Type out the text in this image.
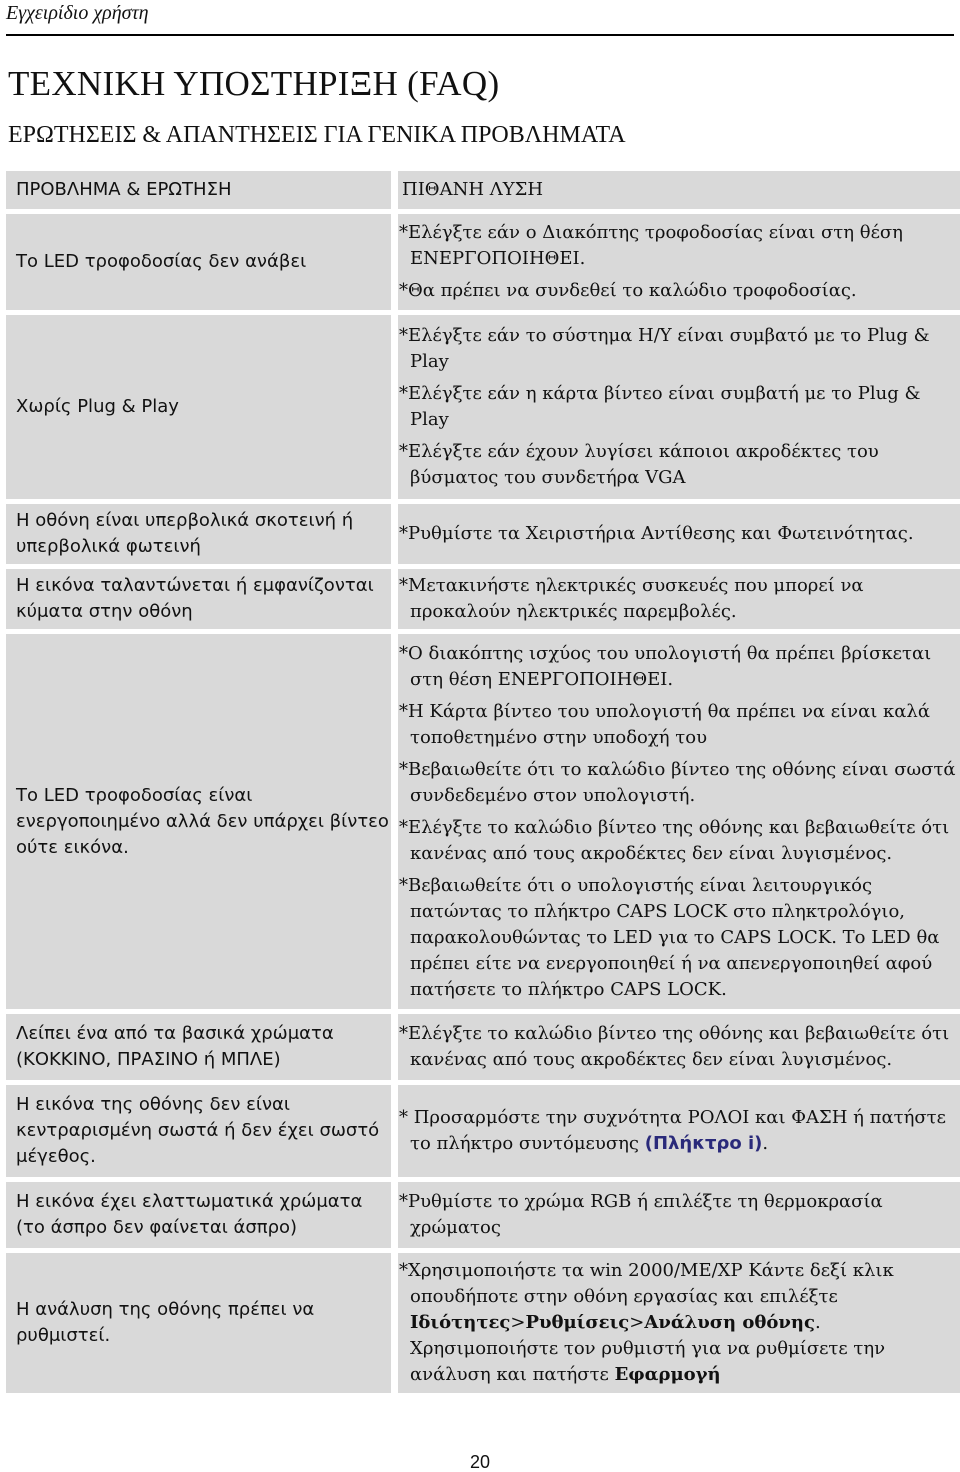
Εγχειρίδιο χρήστη
ΤΕΧΝΙΚΗ ΥΠΟΣΤΗΡΙΞΗ (FAQ)
ΕΡΩΤΗΣΕΙΣ & ΑΠΑΝΤΗΣΕΙΣ ΓΙΑ ΓΕΝΙΚΑ ΠΡΟΒΛΗΜΑΤΑ
ΠΡΟΒΛΗΜΑ & ΕΡΩΤΗΣΗ	ΠΙΘΑΝΗ ΛΥΣΗ
Το LED τροφοδοσίας δεν ανάβει	*Ελέγξτε εάν ο Διακόπτης τροφοδοσίας είναι στη θέση ΕΝΕΡΓΟΠΟΙΗΘΕΙ.
*Θα πρέπει να συνδεθεί το καλώδιο τροφοδοσίας.

Χωρίς Plug & Play	*Ελέγξτε εάν το σύστημα Η/Υ είναι συμβατό με το Plug & Play
*Ελέγξτε εάν η κάρτα βίντεο είναι συμβατή με το Plug & Play
*Ελέγξτε εάν έχουν λυγίσει κάποιοι ακροδέκτες του βύσματος του συνδετήρα VGA

Η οθόνη είναι υπερβολικά σκοτεινή ή υπερβολικά φωτεινή	*Ρυθμίστε τα Χειριστήρια Αντίθεσης και Φωτεινότητας.

Η εικόνα ταλαντώνεται ή εμφανίζονται κύματα στην οθόνη	*Μετακινήστε ηλεκτρικές συσκευές που μπορεί να προκαλούν ηλεκτρικές παρεμβολές.

Το LED τροφοδοσίας είναι ενεργοποιημένο αλλά δεν υπάρχει βίντεο ούτε εικόνα.	*Ο διακόπτης ισχύος του υπολογιστή θα πρέπει βρίσκεται στη θέση ΕΝΕΡΓΟΠΟΙΗΘΕΙ.
*Η Κάρτα βίντεο του υπολογιστή θα πρέπει να είναι καλά τοποθετημένο στην υποδοχή του
*Βεβαιωθείτε ότι το καλώδιο βίντεο της οθόνης είναι σωστά συνδεδεμένο στον υπολογιστή.
*Ελέγξτε το καλώδιο βίντεο της οθόνης και βεβαιωθείτε ότι κανένας από τους ακροδέκτες δεν είναι λυγισμένος.
*Βεβαιωθείτε ότι ο υπολογιστής είναι λειτουργικός πατώντας το πλήκτρο CAPS LOCK στο πληκτρολόγιο, παρακολουθώντας το LED για το CAPS LOCK. Το LED θα πρέπει είτε να ενεργοποιηθεί ή να απενεργοποιηθεί αφού πατήσετε το πλήκτρο CAPS LOCK.

Λείπει ένα από τα βασικά χρώματα (ΚΟΚΚΙΝΟ, ΠΡΑΣΙΝΟ ή ΜΠΛΕ)	*Ελέγξτε το καλώδιο βίντεο της οθόνης και βεβαιωθείτε ότι κανένας από τους ακροδέκτες δεν είναι λυγισμένος.

Η εικόνα της οθόνης δεν είναι κεντραρισμένη σωστά ή δεν έχει σωστό μέγεθος.	* Προσαρμόστε την συχνότητα ΡΟΛΟΙ και ΦΑΣΗ ή πατήστε το πλήκτρο συντόμευσης (Πλήκτρο i).

Η εικόνα έχει ελαττωματικά χρώματα (το άσπρο δεν φαίνεται άσπρο)	*Ρυθμίστε το χρώμα RGB ή επιλέξτε τη θερμοκρασία χρώματος

Η ανάλυση της οθόνης πρέπει να ρυθμιστεί.	*Χρησιμοποιήστε τα win 2000/ME/XP Κάντε δεξί κλικ οπουδήποτε στην οθόνη εργασίας και επιλέξτε Ιδιότητες>Ρυθμίσεις>Ανάλυση οθόνης.
Χρησιμοποιήστε τον ρυθμιστή για να ρυθμίσετε την ανάλυση και πατήστε Εφαρμογή
20
